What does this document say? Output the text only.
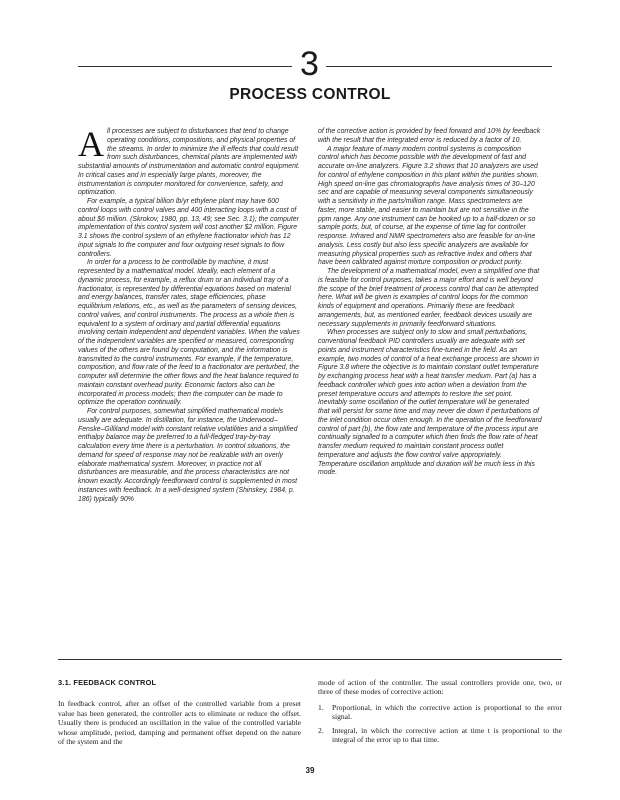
3
PROCESS CONTROL

All processes are subject to disturbances that tend to change operating conditions, compositions, and physical properties of the streams. In order to minimize the ill effects that could result from such disturbances, chemical plants are implemented with substantial amounts of instrumentation and automatic control equipment. In critical cases and in especially large plants, moreover, the instrumentation is computer monitored for convenience, safety, and optimization.

For example, a typical billion lb/yr ethylene plant may have 600 control loops with control valves and 400 interacting loops with a cost of about $6 million. (Skrokov, 1980, pp. 13, 49; see Sec. 3.1); the computer implementation of this control system will cost another $2 million. Figure 3.1 shows the control system of an ethylene fractionator which has 12 input signals to the computer and four outgoing reset signals to flow controllers.

In order for a process to be controllable by machine, it must represented by a mathematical model. Ideally, each element of a dynamic process, for example, a reflux drum or an individual tray of a fractionator, is represented by differential equations based on material and energy balances, transfer rates, stage efficiencies, phase equilibrium relations, etc., as well as the parameters of sensing devices, control valves, and control instruments. The process as a whole then is equivalent to a system of ordinary and partial differential equations involving certain independent and dependent variables. When the values of the independent variables are specified or measured, corresponding values of the others are found by computation, and the information is transmitted to the control instruments. For example, if the temperature, composition, and flow rate of the feed to a fractionator are perturbed, the computer will determine the other flows and the heat balance required to maintain constant overhead purity. Economic factors also can be incorporated in process models; then the computer can be made to optimize the operation continually.

For control purposes, somewhat simplified mathematical models usually are adequate. In distillation, for instance, the Underwood–Fenske–Gilliland model with constant relative volatilities and a simplified enthalpy balance may be preferred to a full-fledged tray-by-tray calculation every time there is a perturbation. In control situations, the demand for speed of response may not be realizable with an overly elaborate mathematical system. Moreover, in practice not all disturbances are measurable, and the process characteristics are not known exactly. Accordingly feedforward control is supplemented in most instances with feedback. In a well-designed system (Shinskey, 1984, p. 186) typically 90%

of the corrective action is provided by feed forward and 10% by feedback with the result that the integrated error is reduced by a factor of 10.

A major feature of many modern control systems is composition control which has become possible with the development of fast and accurate on-line analyzers. Figure 3.2 shows that 10 analyzers are used for control of ethylene composition in this plant within the purities shown. High speed on-line gas chromatographs have analysis times of 30–120 sec and are capable of measuring several components simultaneously with a sensitivity in the parts/million range. Mass spectrometers are faster, more stable, and easier to maintain but are not sensitive in the ppm range. Any one instrument can be hooked up to a half-dozen or so sample ports, but, of course, at the expense of time lag for controller response. Infrared and NMR spectrometers also are feasible for on-line analysis. Less costly but also less specific analyzers are available for measuring physical properties such as refractive index and others that have been calibrated against mixture composition or product purity.

The development of a mathematical model, even a simplified one that is feasible for control purposes, takes a major effort and is well beyond the scope of the brief treatment of process control that can be attempted here. What will be given is examples of control loops for the common kinds of equipment and operations. Primarily these are feedback arrangements, but, as mentioned earlier, feedback devices usually are necessary supplements in primarily feedforward situations.

When processes are subject only to slow and small perturbations, conventional feedback PID controllers usually are adequate with set points and instrument characteristics fine-tuned in the field. As an example, two modes of control of a heat exchange process are shown in Figure 3.8 where the objective is to maintain constant outlet temperature by exchanging process heat with a heat transfer medium. Part (a) has a feedback controller which goes into action when a deviation from the preset temperature occurs and attempts to restore the set point. Inevitably some oscillation of the outlet temperature will be generated that will persist for some time and may never die down if perturbations of the inlet condition occur often enough. In the operation of the feedforward control of part (b), the flow rate and temperature of the process input are continually signalled to a computer which then finds the flow rate of heat transfer medium required to maintain constant process outlet temperature and adjusts the flow control valve appropriately. Temperature oscillation amplitude and duration will be much less in this mode.

3.1. FEEDBACK CONTROL

In feedback control, after an offset of the controlled variable from a preset value has been generated, the controller acts to eliminate or reduce the offset. Usually there is produced an oscillation in the value of the controlled variable whose amplitude, period, damping and permanent offset depend on the nature of the system and the

mode of action of the controller. The usual controllers provide one, two, or three of these modes of corrective action:

1. Proportional, in which the corrective action is proportional to the error signal.
2. Integral, in which the corrective action at time t is proportional to the integral of the error up to that time.
39
